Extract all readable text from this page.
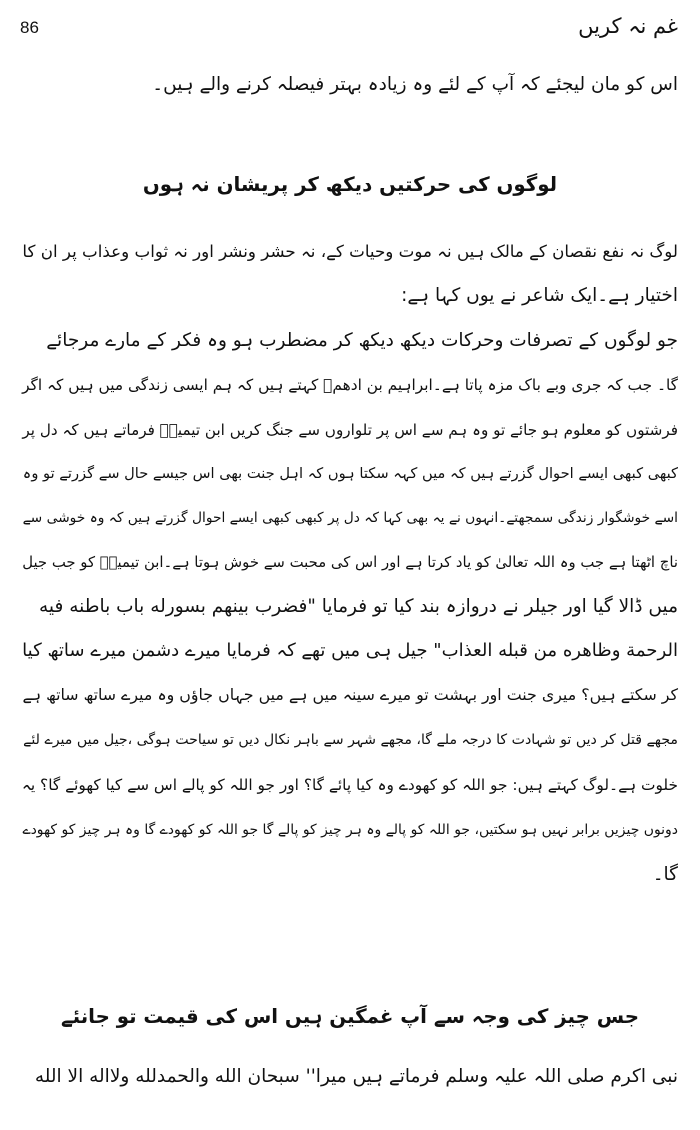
غم نہ کریں
86

اس کو مان لیجئے کہ آپ کے لئے وہ زیادہ بہتر فیصلہ کرنے والے ہیں۔

لوگوں کی حرکتیں دیکھ کر پریشان نہ ہوں

لوگ نہ نفع نقصان کے مالک ہیں نہ موت وحیات کے، نہ حشر ونشر اور نہ ثواب وعذاب پر ان کا

اختیار ہے۔ایک شاعر نے یوں کہا ہے:

جو لوگوں کے تصرفات وحرکات دیکھ دیکھ کر مضطرب ہو وہ فکر کے مارے مرجائے

گا۔ جب کہ جری وبے باک مزہ پاتا ہے۔ابراہیم بن ادھمؒ کہتے ہیں کہ ہم ایسی زندگی میں ہیں کہ اگر

فرشتوں کو معلوم ہو جائے تو وہ ہم سے اس پر تلواروں سے جنگ کریں ابن تیمیہؒ فرماتے ہیں کہ دل پر

کبھی کبھی ایسے احوال گزرتے ہیں کہ میں کہہ سکتا ہوں کہ اہل جنت بھی اس جیسے حال سے گزرتے تو وہ

اسے خوشگوار زندگی سمجھتے۔انہوں نے یہ بھی کہا کہ دل پر کبھی کبھی ایسے احوال گزرتے ہیں کہ وہ خوشی سے

ناچ اٹھتا ہے جب وہ اللہ تعالیٰ کو یاد کرتا ہے اور اس کی محبت سے خوش ہوتا ہے۔ابن تیمیہؒ کو جب جیل

میں ڈالا گیا اور جیلر نے دروازہ بند کیا تو فرمایا "فضرب بينهم بسورله باب باطنه فيه

الرحمة وظاهره من قبله العذاب" جیل ہی میں تھے کہ فرمایا میرے دشمن میرے ساتھ کیا

کر سکتے ہیں؟ میری جنت اور بہشت تو میرے سینہ میں ہے میں جہاں جاؤں وہ میرے ساتھ ساتھ ہے

مجھے قتل کر دیں تو شہادت کا درجہ ملے گا، مجھے شہر سے باہر نکال دیں تو سیاحت ہوگی ،جیل میں میرے لئے

خلوت ہے۔لوگ کہتے ہیں: جو اللہ کو کھودے وہ کیا پائے گا؟ اور جو اللہ کو پالے اس سے کیا کھوئے گا؟ یہ

دونوں چیزیں برابر نہیں ہو سکتیں، جو اللہ کو پالے وہ ہر چیز کو پالے گا جو اللہ کو کھودے گا وہ ہر چیز کو کھودے

گا۔

جس چیز کی وجہ سے آپ غمگین ہیں اس کی قیمت تو جانئے

نبی اکرم صلی اللہ علیہ وسلم فرماتے ہیں میرا'' سبحان الله والحمدلله ولااله الا الله
